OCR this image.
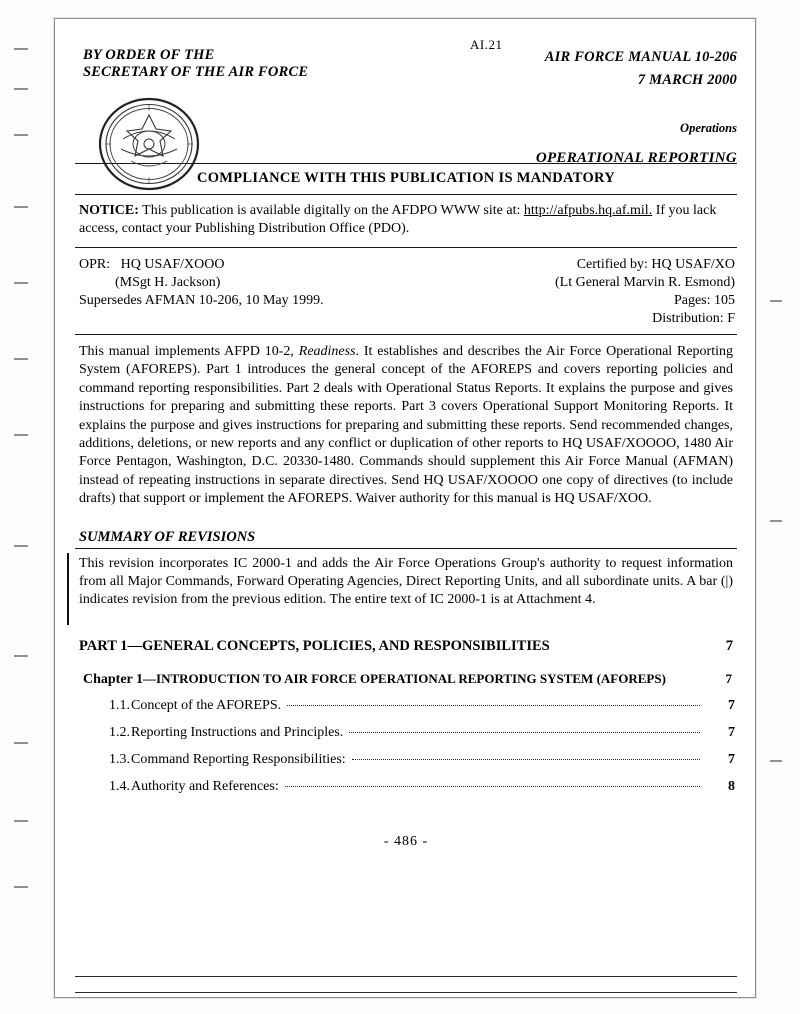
BY ORDER OF THE
SECRETARY OF THE AIR FORCE
AI.21
AIR FORCE MANUAL 10-206
7 MARCH 2000
Operations
OPERATIONAL REPORTING
COMPLIANCE WITH THIS PUBLICATION IS MANDATORY
NOTICE: This publication is available digitally on the AFDPO WWW site at: http://afpubs.hq.af.mil. If you lack access, contact your Publishing Distribution Office (PDO).
OPR: HQ USAF/XOOO
(MSgt H. Jackson)
Supersedes AFMAN 10-206, 10 May 1999.
Certified by: HQ USAF/XO
(Lt General Marvin R. Esmond)
Pages: 105
Distribution: F
This manual implements AFPD 10-2, Readiness. It establishes and describes the Air Force Operational Reporting System (AFOREPS). Part 1 introduces the general concept of the AFOREPS and covers reporting policies and command reporting responsibilities. Part 2 deals with Operational Status Reports. It explains the purpose and gives instructions for preparing and submitting these reports. Part 3 covers Operational Support Monitoring Reports. It explains the purpose and gives instructions for preparing and submitting these reports. Send recommended changes, additions, deletions, or new reports and any conflict or duplication of other reports to HQ USAF/XOOOO, 1480 Air Force Pentagon, Washington, D.C. 20330-1480. Commands should supplement this Air Force Manual (AFMAN) instead of repeating instructions in separate directives. Send HQ USAF/XOOOO one copy of directives (to include drafts) that support or implement the AFOREPS. Waiver authority for this manual is HQ USAF/XOO.
SUMMARY OF REVISIONS
This revision incorporates IC 2000-1 and adds the Air Force Operations Group's authority to request information from all Major Commands, Forward Operating Agencies, Direct Reporting Units, and all subordinate units. A bar (|) indicates revision from the previous edition. The entire text of IC 2000-1 is at Attachment 4.
PART 1—GENERAL CONCEPTS, POLICIES, AND RESPONSIBILITIES	7
Chapter 1—INTRODUCTION TO AIR FORCE OPERATIONAL REPORTING SYSTEM (AFOREPS)	7
1.1. Concept of the AFOREPS.	7
1.2. Reporting Instructions and Principles.	7
1.3. Command Reporting Responsibilities:	7
1.4. Authority and References:	8
- 486 -
